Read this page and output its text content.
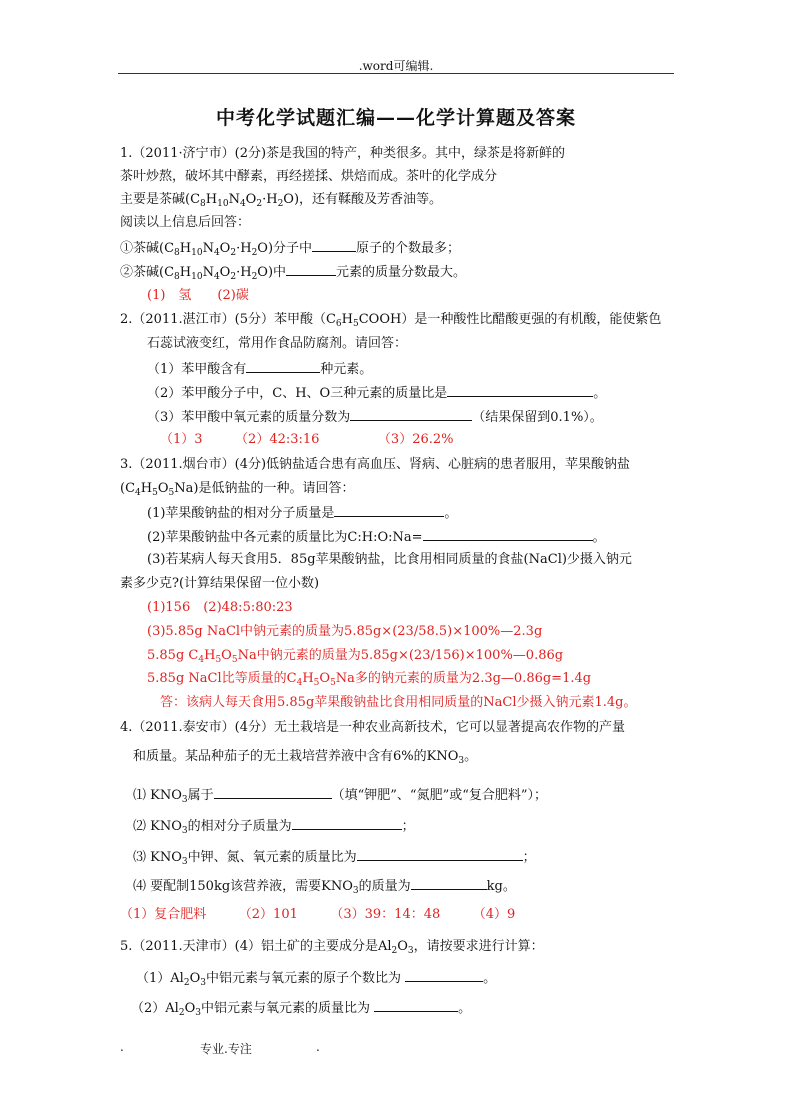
.word可编辑.
中考化学试题汇编——化学计算题及答案
1.（2011·济宁市）(2分)茶是我国的特产，种类很多。其中，绿茶是将新鲜的
茶叶炒熬，破坏其中酵素，再经搓揉、烘焙而成。茶叶的化学成分
主要是茶碱$(C_8H_{10}N_4O_2\cdot H_2O)$，还有鞣酸及芳香油等。
阅读以上信息后回答：
①茶碱$(C_8H_{10}N_4O_2\cdot H_2O)$分子中	原子的个数最多；
②茶碱$(C_8H_{10}N_4O_2\cdot H_2O)$中	元素的质量分数最大。
(1)　氢　　(2)碳
2.（2011.湛江市）(5分）苯甲酸$(C_6H_5COOH)$是一种酸性比醋酸更强的有机酸，能使紫色
石蕊试液变红，常用作食品防腐剂。请回答：
（1）苯甲酸含有	种元素。
（2）苯甲酸分子中，C、H、O三种元素的质量比是	。
（3）苯甲酸中氧元素的质量分数为	（结果保留到0.1%）。
（1）3　　　（2）42:3:16　　　　　（3）26.2%
3.（2011.烟台市）(4分)低钠盐适合患有高血压、肾病、心脏病的患者服用，苹果酸钠盐
$(C_4H_5O_5Na)$是低钠盐的一种。请回答：
(1)苹果酸钠盐的相对分子质量是	。
(2)苹果酸钠盐中各元素的质量比为C:H:O:Na=	。
(3)若某病人每天食用5．85g苹果酸钠盐，比食用相同质量的食盐(NaCl)少摄入钠元
素多少克?(计算结果保留一位小数)
(1)156　(2)48:5:80:23
(3)5.85g NaCl中钠元素的质量为5.85g×(23/58.5)×100%—2.3g
5.85g $C_4H_5O_5Na$中钠元素的质量为5.85g×(23/156)×100%—0.86g
5.85g NaCl比等质量的$C_4H_5O_5Na$多的钠元素的质量为2.3g—0.86g=1.4g
答：该病人每天食用5.85g苹果酸钠盐比食用相同质量的NaCl少摄入钠元素1.4g。
4.（2011.泰安市）(4分）无土栽培是一种农业高新技术，它可以显著提高农作物的产量
和质量。某品种茄子的无土栽培营养液中含有6%的$KNO_3$。
⑴ $KNO_3$属于	（填“钾肥”、“氮肥”或“复合肥料”）；
⑵ $KNO_3$的相对分子质量为	；
⑶ $KNO_3$中钾、氮、氧元素的质量比为	；
⑷ 要配制150kg该营养液，需要$KNO_3$的质量为	kg。
（1）复合肥料　　　（2）101　　　（3）39：14：48　　　（4）9
5.（2011.天津市）(4）铝土矿的主要成分是$Al_2O_3$，请按要求进行计算：
$(1)Al_2O_3$中铝元素与氧元素的原子个数比为	。
$(2)Al_2O_3$中铝元素与氧元素的质量比为	。
.	专业.专注	.
